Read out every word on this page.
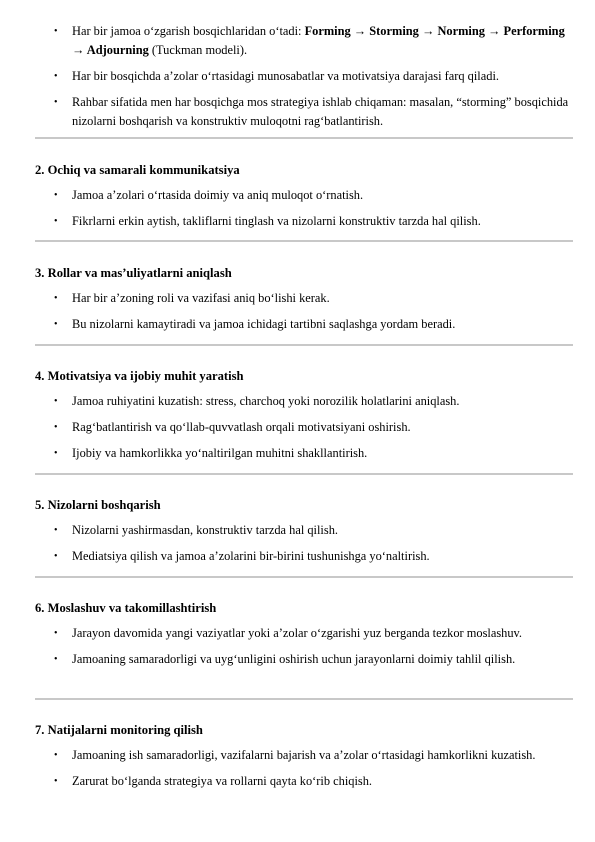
• Har bir jamoa o‘zgarish bosqichlaridan o‘tadi: Forming → Storming → Norming → Performing → Adjourning (Tuckman modeli).
• Har bir bosqichda a’zolar o‘rtasidagi munosabatlar va motivatsiya darajasi farq qiladi.
• Rahbar sifatida men har bosqichga mos strategiya ishlab chiqaman: masalan, “storming” bosqichida nizolarni boshqarish va konstruktiv muloqotni rag‘batlantirish.
2. Ochiq va samarali kommunikatsiya
• Jamoa a’zolari o‘rtasida doimiy va aniq muloqot o‘rnatish.
• Fikrlarni erkin aytish, takliflarni tinglash va nizolarni konstruktiv tarzda hal qilish.
3. Rollar va mas’uliyatlarni aniqlash
• Har bir a’zoning roli va vazifasi aniq bo‘lishi kerak.
• Bu nizolarni kamaytiradi va jamoa ichidagi tartibni saqlashga yordam beradi.
4. Motivatsiya va ijobiy muhit yaratish
• Jamoa ruhiyatini kuzatish: stress, charchoq yoki norozilik holatlarini aniqlash.
• Rag‘batlantirish va qo‘llab-quvvatlash orqali motivatsiyani oshirish.
• Ijobiy va hamkorlikka yo‘naltirilgan muhitni shakllantirish.
5. Nizolarni boshqarish
• Nizolarni yashirmasdan, konstruktiv tarzda hal qilish.
• Mediatsiya qilish va jamoa a’zolarini bir-birini tushunishga yo‘naltirish.
6. Moslashuv va takomillashtirish
• Jarayon davomida yangi vaziyatlar yoki a’zolar o‘zgarishi yuz berganda tezkor moslashuv.
• Jamoaning samaradorligi va uyg‘unligini oshirish uchun jarayonlarni doimiy tahlil qilish.
7. Natijalarni monitoring qilish
• Jamoaning ish samaradorligi, vazifalarni bajarish va a’zolar o‘rtasidagi hamkorlikni kuzatish.
• Zarurat bo‘lganda strategiya va rollarni qayta ko‘rib chiqish.
